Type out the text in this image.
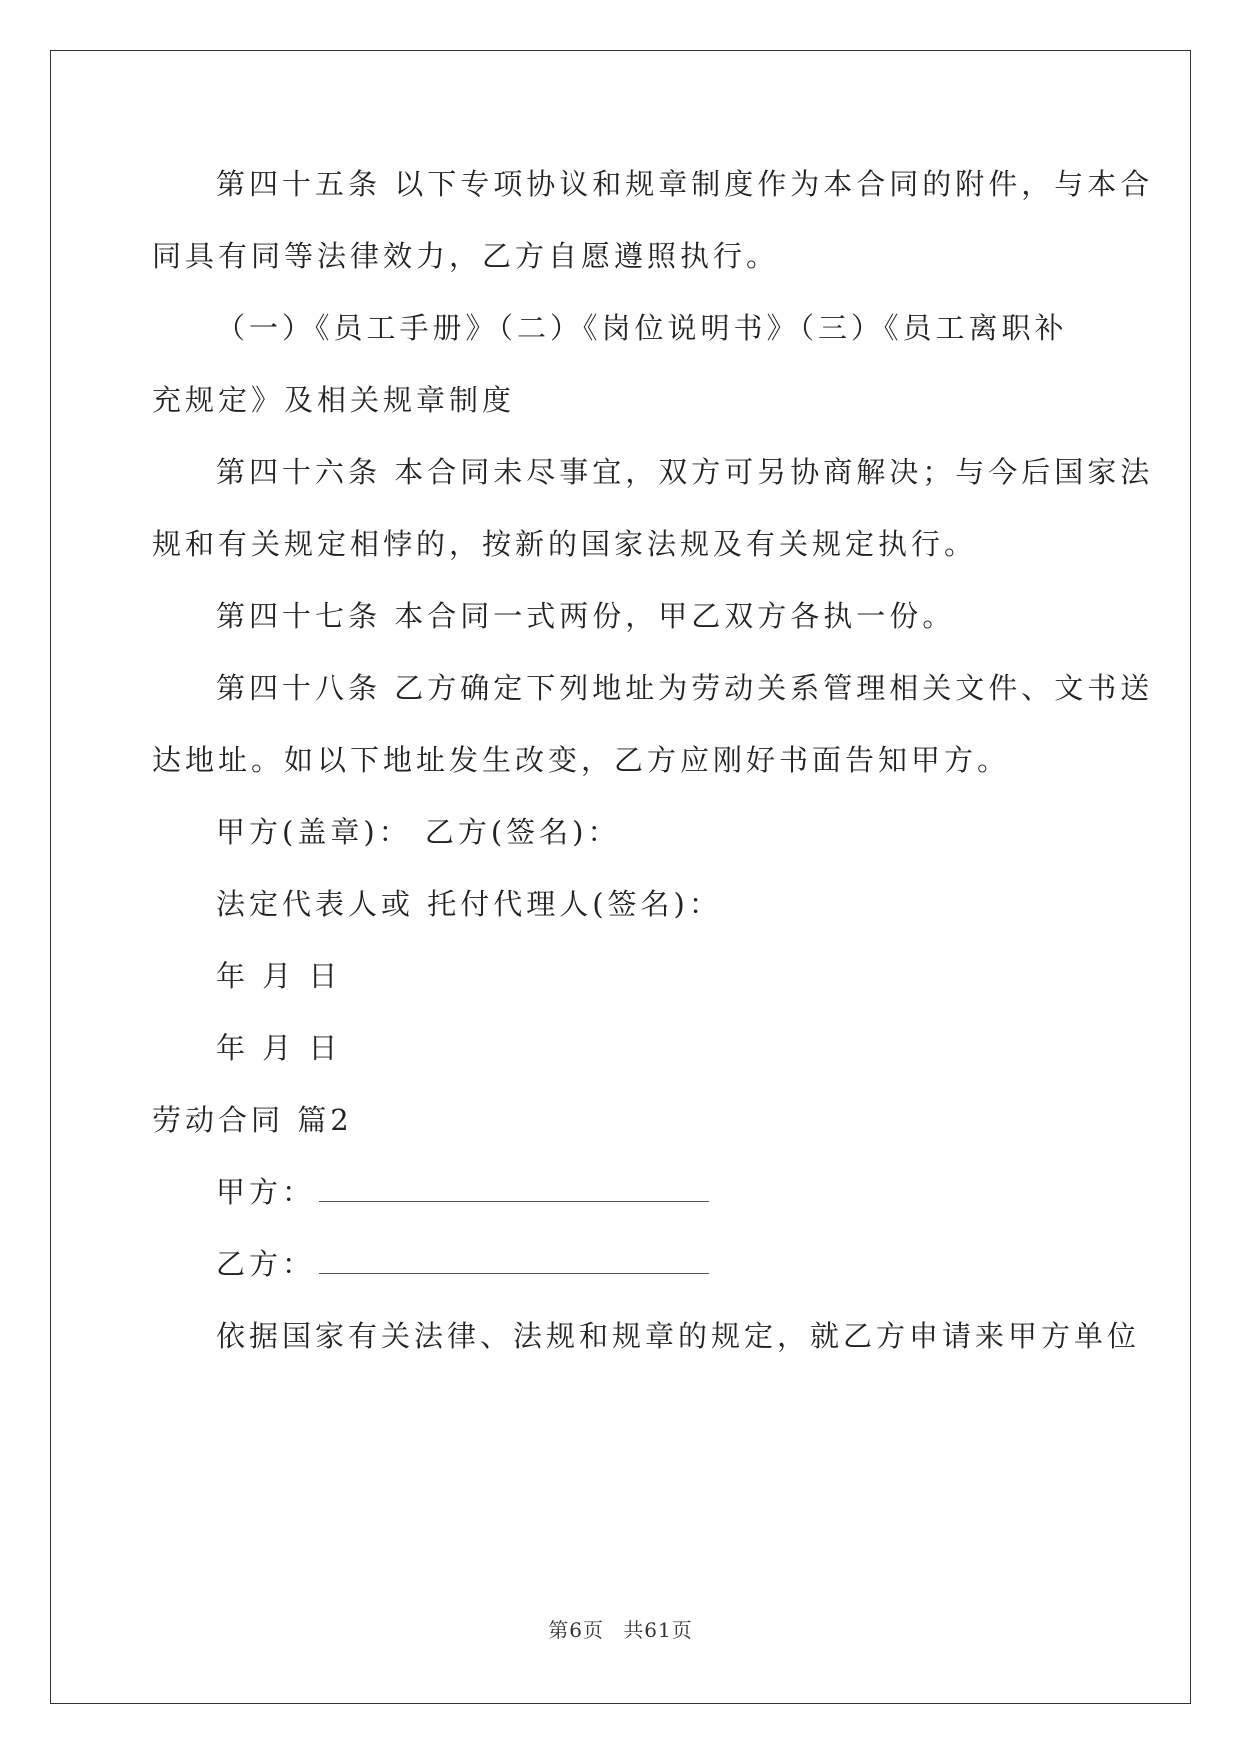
第四十五条 以下专项协议和规章制度作为本合同的附件，与本合
同具有同等法律效力，乙方自愿遵照执行。
（一）《员工手册》（二）《岗位说明书》（三）《员工离职补
充规定》及相关规章制度
第四十六条 本合同未尽事宜，双方可另协商解决；与今后国家法
规和有关规定相悖的，按新的国家法规及有关规定执行。
第四十七条 本合同一式两份，甲乙双方各执一份。
第四十八条 乙方确定下列地址为劳动关系管理相关文件、文书送
达地址。如以下地址发生改变，乙方应刚好书面告知甲方。
甲方(盖章)： 乙方(签名)：
法定代表人或 托付代理人(签名)：
年 月 日
年 月 日
劳动合同 篇2
甲方：
乙方：
依据国家有关法律、法规和规章的规定，就乙方申请来甲方单位
第6页 共61页
